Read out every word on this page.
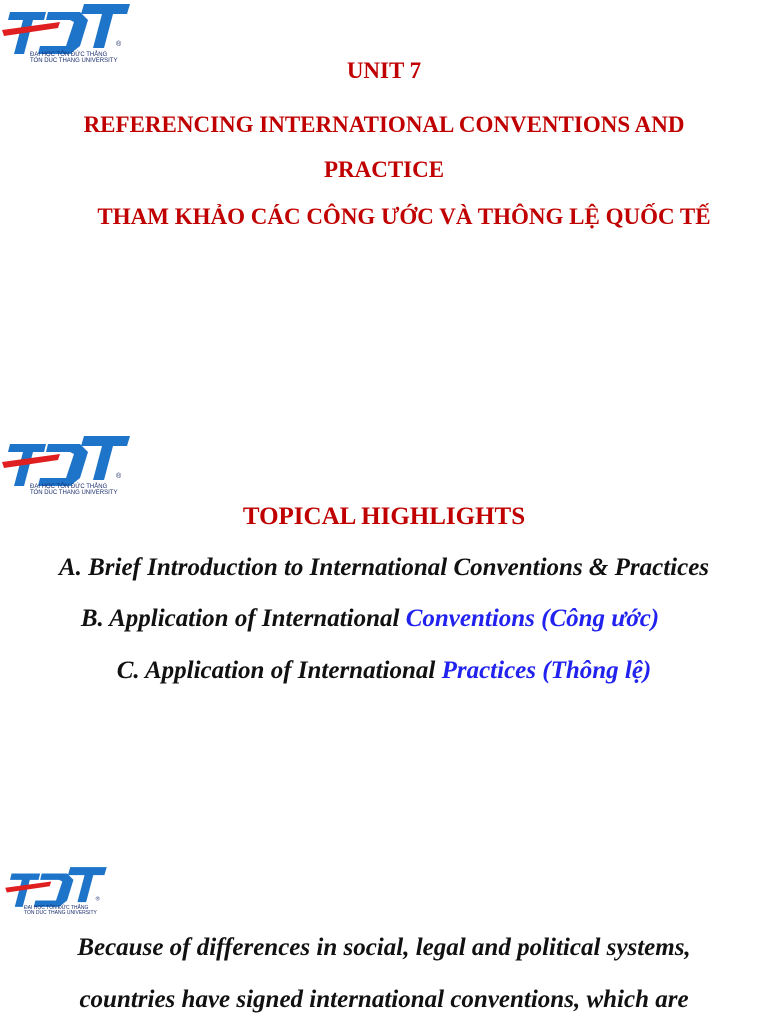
®
ĐẠI HỌC TÔN ĐỨC THẮNG
TON DUC THANG UNIVERSITY	UNIT 7
REFERENCING INTERNATIONAL CONVENTIONS AND
PRACTICE
THAM KHẢO CÁC CÔNG ƯỚC VÀ THÔNG LỆ QUỐC TẾ
®
ĐẠI HỌC TÔN ĐỨC THẮNG
TON DUC THANG UNIVERSITY
TOPICAL HIGHLIGHTS
A. Brief Introduction to International Conventions & Practices
B. Application of International Conventions (Công ước)
C. Application of International Practices (Thông lệ)
®
ĐẠI HỌC TÔN ĐỨC THẮNG
TON DUC THANG UNIVERSITY
Because of differences in social, legal and political systems,
countries have signed international conventions, which are
